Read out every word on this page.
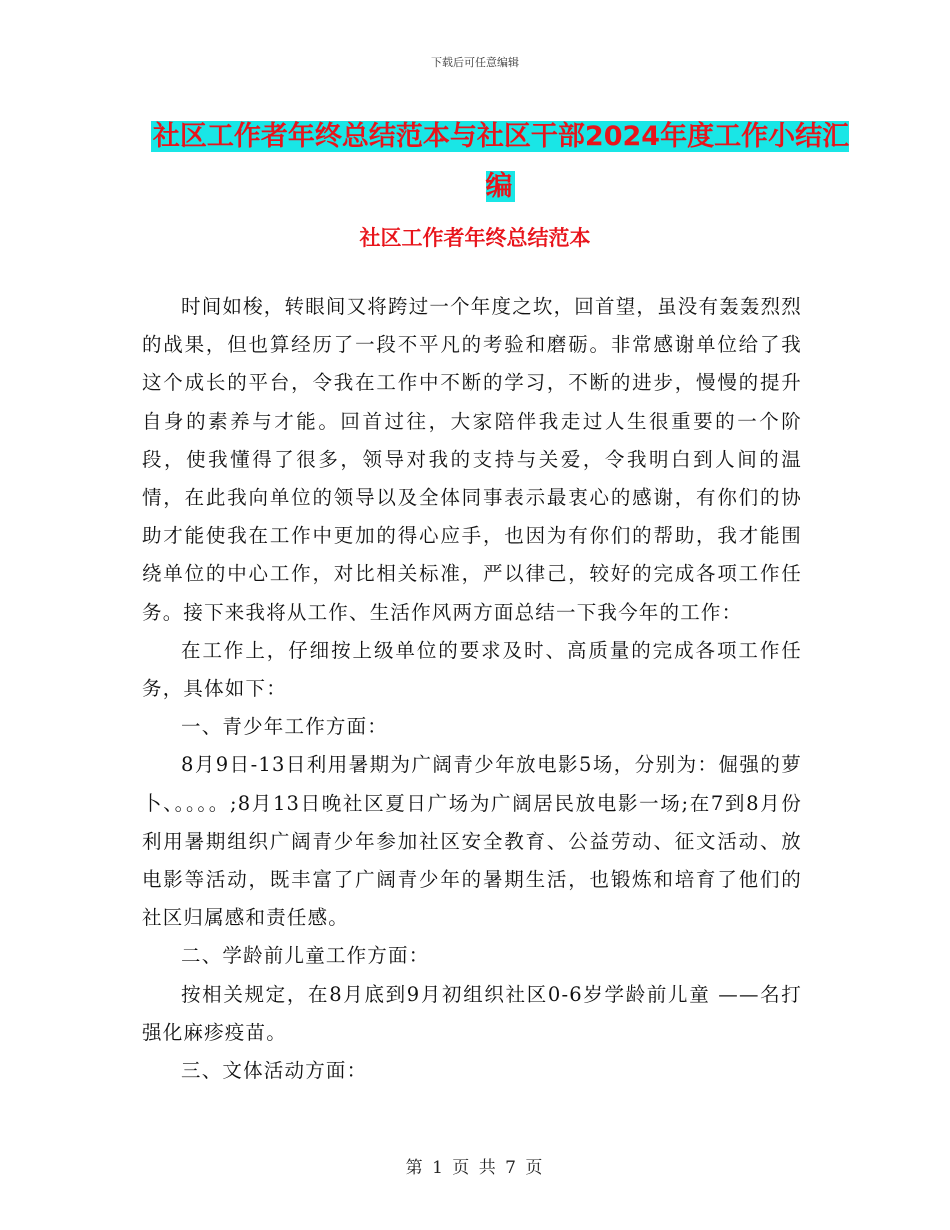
下载后可任意编辑
社区工作者年终总结范本与社区干部2024年度工作小结汇编
社区工作者年终总结范本

时间如梭，转眼间又将跨过一个年度之坎，回首望，虽没有轰轰烈烈的战果，但也算经历了一段不平凡的考验和磨砺。非常感谢单位给了我这个成长的平台，令我在工作中不断的学习，不断的进步，慢慢的提升自身的素养与才能。回首过往，大家陪伴我走过人生很重要的一个阶段，使我懂得了很多，领导对我的支持与关爱，令我明白到人间的温情，在此我向单位的领导以及全体同事表示最衷心的感谢，有你们的协助才能使我在工作中更加的得心应手，也因为有你们的帮助，我才能围绕单位的中心工作，对比相关标准，严以律己，较好的完成各项工作任务。接下来我将从工作、生活作风两方面总结一下我今年的工作：

在工作上，仔细按上级单位的要求及时、高质量的完成各项工作任务，具体如下：

一、青少年工作方面：

8月9日-13日利用暑期为广阔青少年放电影5场，分别为：倔强的萝卜、。。。。;8月13日晚社区夏日广场为广阔居民放电影一场;在7到8月份利用暑期组织广阔青少年参加社区安全教育、公益劳动、征文活动、放电影等活动，既丰富了广阔青少年的暑期生活，也锻炼和培育了他们的社区归属感和责任感。

二、学龄前儿童工作方面：

按相关规定，在8月底到9月初组织社区0-6岁学龄前儿童 ——名打强化麻疹疫苗。

三、文体活动方面：

第 1 页 共 7 页
